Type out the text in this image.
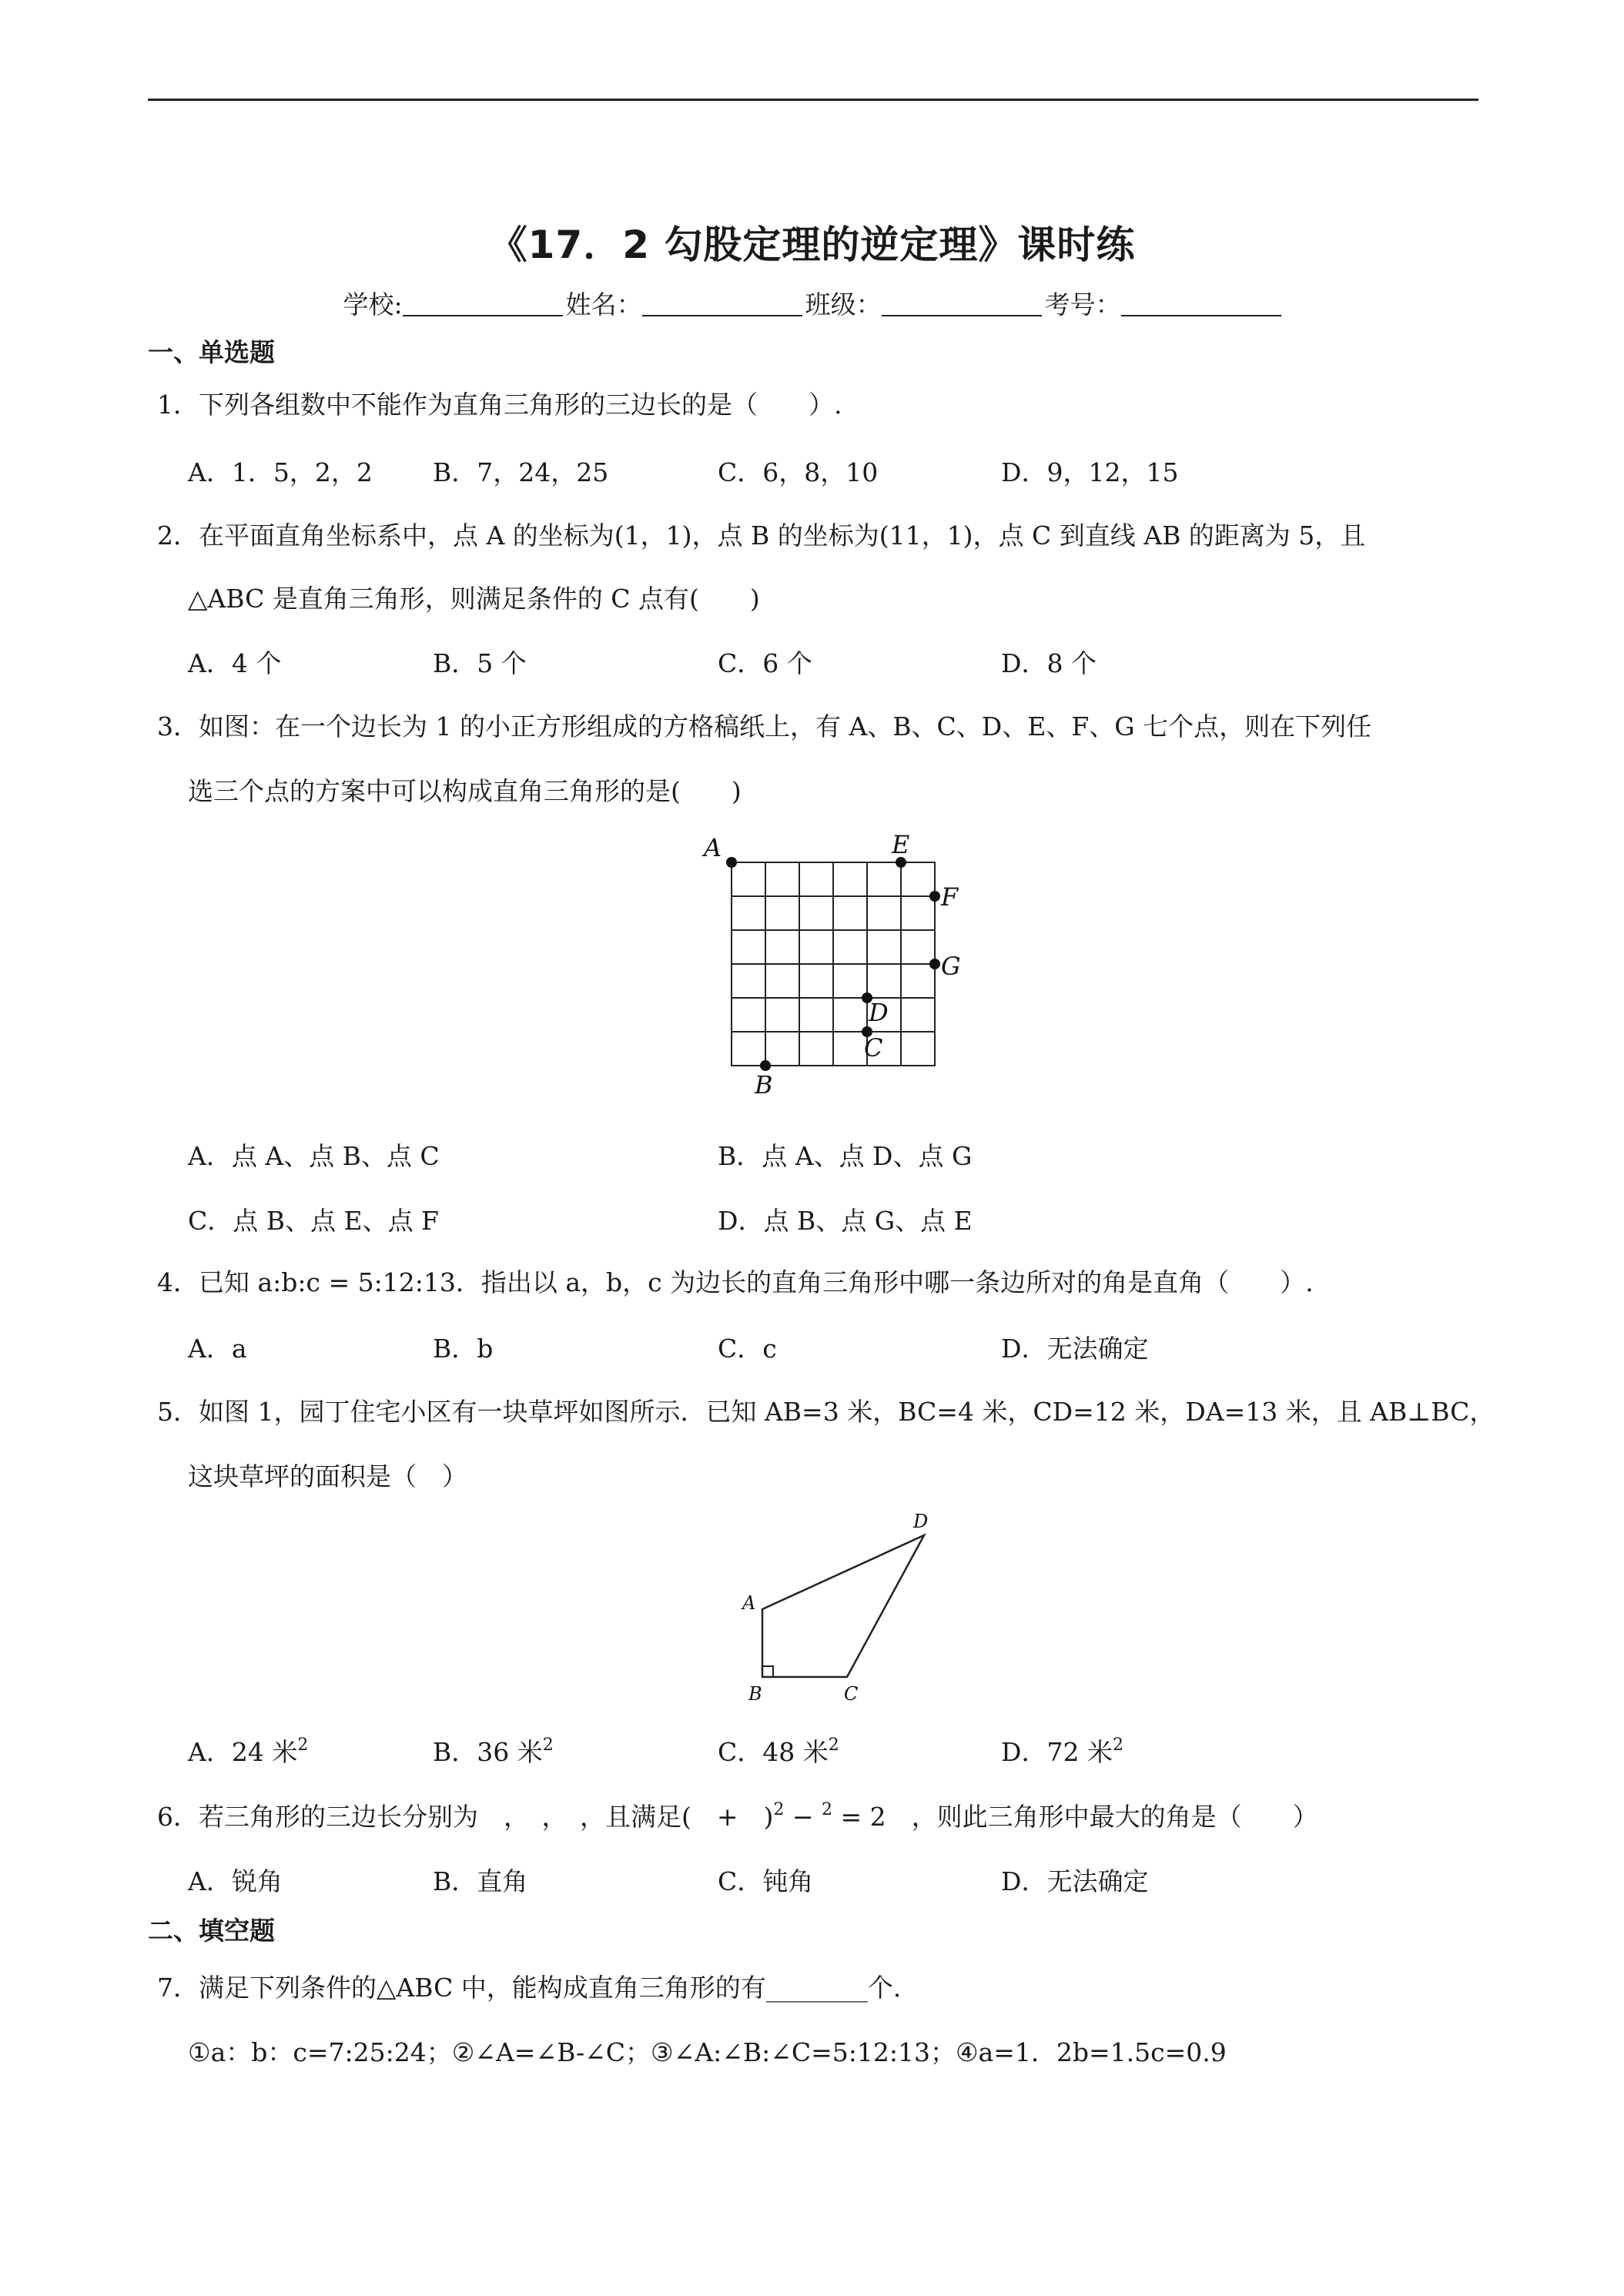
《17．2 勾股定理的逆定理》课时练
学校:	姓名：	班级：	考号：
一、单选题
1．下列各组数中不能作为直角三角形的三边长的是（　　）.
A．1．5，2，2 B．7，24，25	C．6，8，10	D．9，12，15
2．在平面直角坐标系中，点 A 的坐标为(1，1)，点 B 的坐标为(11，1)，点 C 到直线 AB 的距离为 5，且
△ABC 是直角三角形，则满足条件的 C 点有(　　)
A．4 个	B．5 个	C．6 个	D．8 个
3．如图：在一个边长为 1 的小正方形组成的方格稿纸上，有 A、B、C、D、E、F、G 七个点，则在下列任
选三个点的方案中可以构成直角三角形的是(　　)
A	E
F
G
D
C
B
A．点 A、点 B、点 C	B．点 A、点 D、点 G
C．点 B、点 E、点 F	D．点 B、点 G、点 E
4．已知 a:b:c = 5:12:13．指出以 a，b，c 为边长的直角三角形中哪一条边所对的角是直角（　　）.
A．a	B．b	C．c	D．无法确定
5．如图 1，园丁住宅小区有一块草坪如图所示．已知 AB=3 米，BC=4 米，CD=12 米，DA=13 米，且 AB⊥BC，
这块草坪的面积是（　）
A
B	C
D
A．24 米$^2$	B．36 米$^2$	C．48 米$^2$	D．72 米$^2$
6．若三角形的三边长分别为　，　，　，且满足(　+　)$^2$ − $^2$ = 2　，则此三角形中最大的角是（　　）
A．锐角	B．直角	C．钝角	D．无法确定
二、填空题
7．满足下列条件的△ABC 中，能构成直角三角形的有________个.
①a：b：c=7:25:24；②∠A=∠B-∠C；③∠A:∠B:∠C=5:12:13；④a=1．2b=1.5c=0.9
